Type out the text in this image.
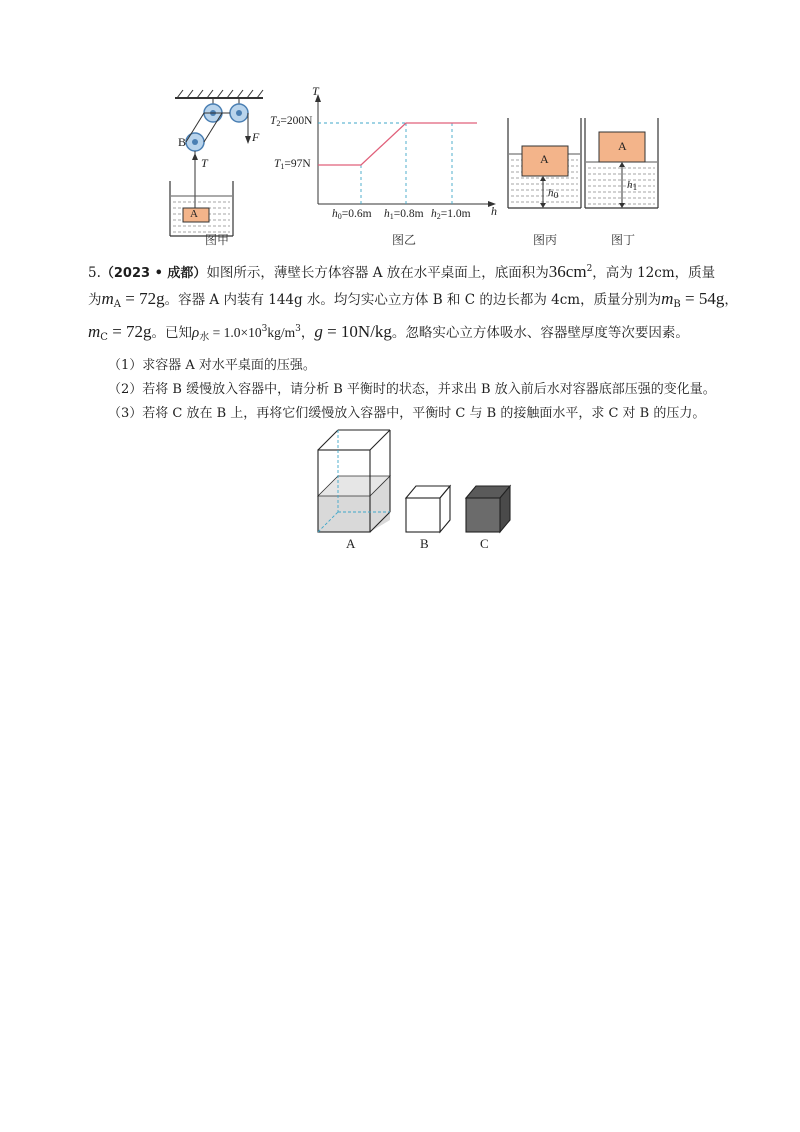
B
T
F
A
图甲
T
h
T2=200N
T1=97N
h0=0.6m h1=0.8m h2=1.0m
图乙
A
h0
图丙
A
h1
图丁
5.（2023 • 成都）如图所示，薄壁长方体容器 A 放在水平桌面上，底面积为$36cm^2$，高为 12cm，质量
为$m_A = 72g$。容器 A 内装有 144g 水。均匀实心立方体 B 和 C 的边长都为 4cm，质量分别为$m_B = 54g$，
$m_C = 72g$。已知$\rho_水 = 1.0\times 10^3kg/m^3$，g = 10N/kg。忽略实心立方体吸水、容器壁厚度等次要因素。
（1）求容器 A 对水平桌面的压强。
（2）若将 B 缓慢放入容器中，请分析 B 平衡时的状态，并求出 B 放入前后水对容器底部压强的变化量。
（3）若将 C 放在 B 上，再将它们缓慢放入容器中，平衡时 C 与 B 的接触面水平，求 C 对 B 的压力。
A	B	C
